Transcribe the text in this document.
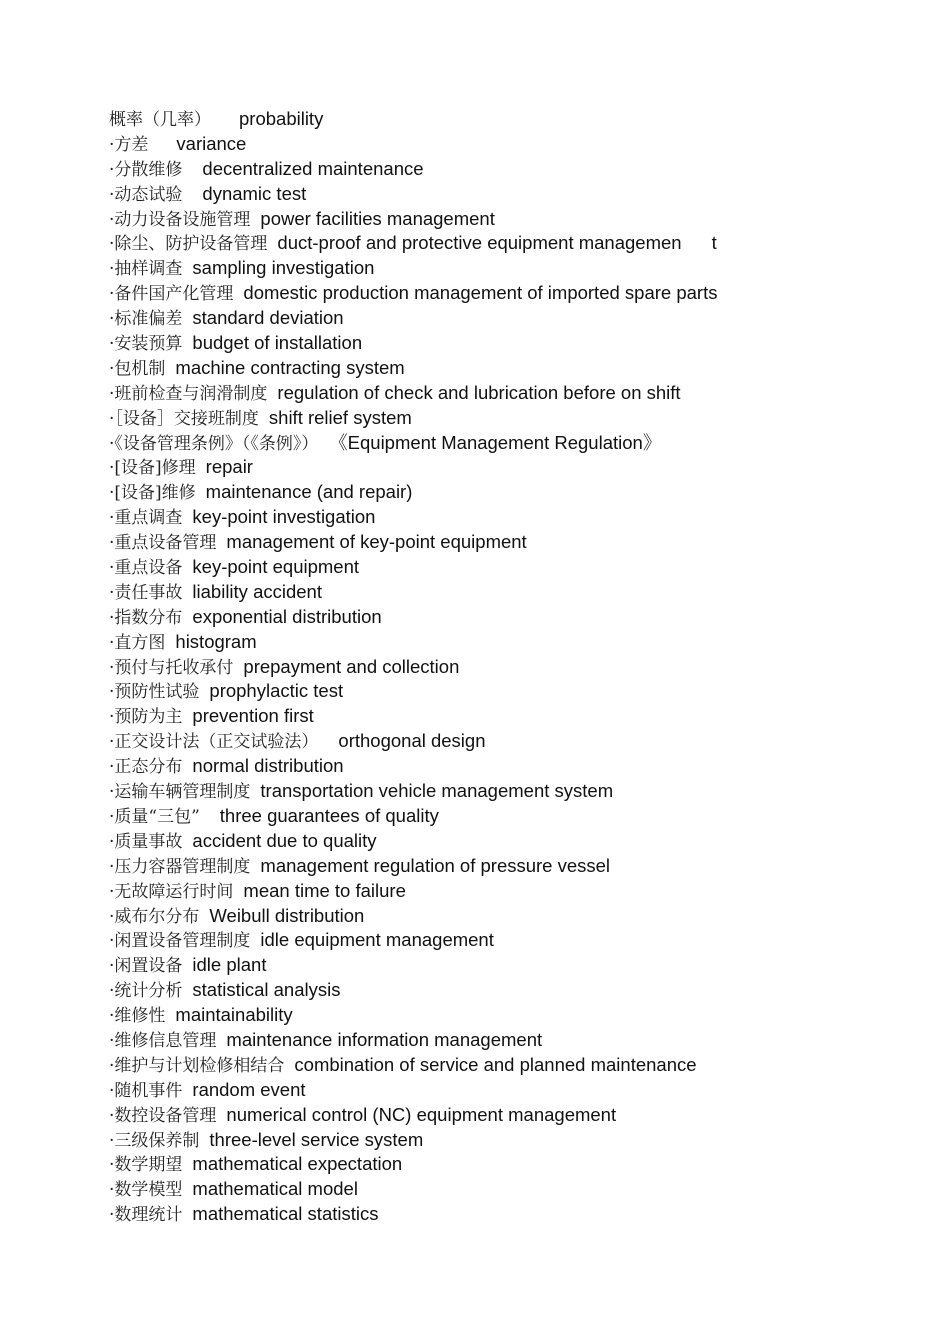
概率（几率） probability
·方差 variance
·分散维修 decentralized maintenance
·动态试验 dynamic test
·动力设备设施管理 power facilities management
·除尘、防护设备管理 duct-proof and protective equipment managemen t
·抽样调查 sampling investigation
·备件国产化管理 domestic production management of imported spare parts
·标准偏差 standard deviation
·安装预算 budget of installation
·包机制 machine contracting system
·班前检查与润滑制度 regulation of check and lubrication before on shift
·［设备］交接班制度 shift relief system
·《设备管理条例》（《条例》） 《Equipment Management Regulation》
·[设备]修理 repair
·[设备]维修 maintenance (and repair)
·重点调查 key-point investigation
·重点设备管理 management of key-point equipment
·重点设备 key-point equipment
·责任事故 liability accident
·指数分布 exponential distribution
·直方图 histogram
·预付与托收承付 prepayment and collection
·预防性试验 prophylactic test
·预防为主 prevention first
·正交设计法（正交试验法） orthogonal design
·正态分布 normal distribution
·运输车辆管理制度 transportation vehicle management system
·质量“三包” three guarantees of quality
·质量事故 accident due to quality
·压力容器管理制度 management regulation of pressure vessel
·无故障运行时间 mean time to failure
·威布尔分布 Weibull distribution
·闲置设备管理制度 idle equipment management
·闲置设备 idle plant
·统计分析 statistical analysis
·维修性 maintainability
·维修信息管理 maintenance information management
·维护与计划检修相结合 combination of service and planned maintenance
·随机事件 random event
·数控设备管理 numerical control (NC) equipment management
·三级保养制 three-level service system
·数学期望 mathematical expectation
·数学模型 mathematical model
·数理统计 mathematical statistics
